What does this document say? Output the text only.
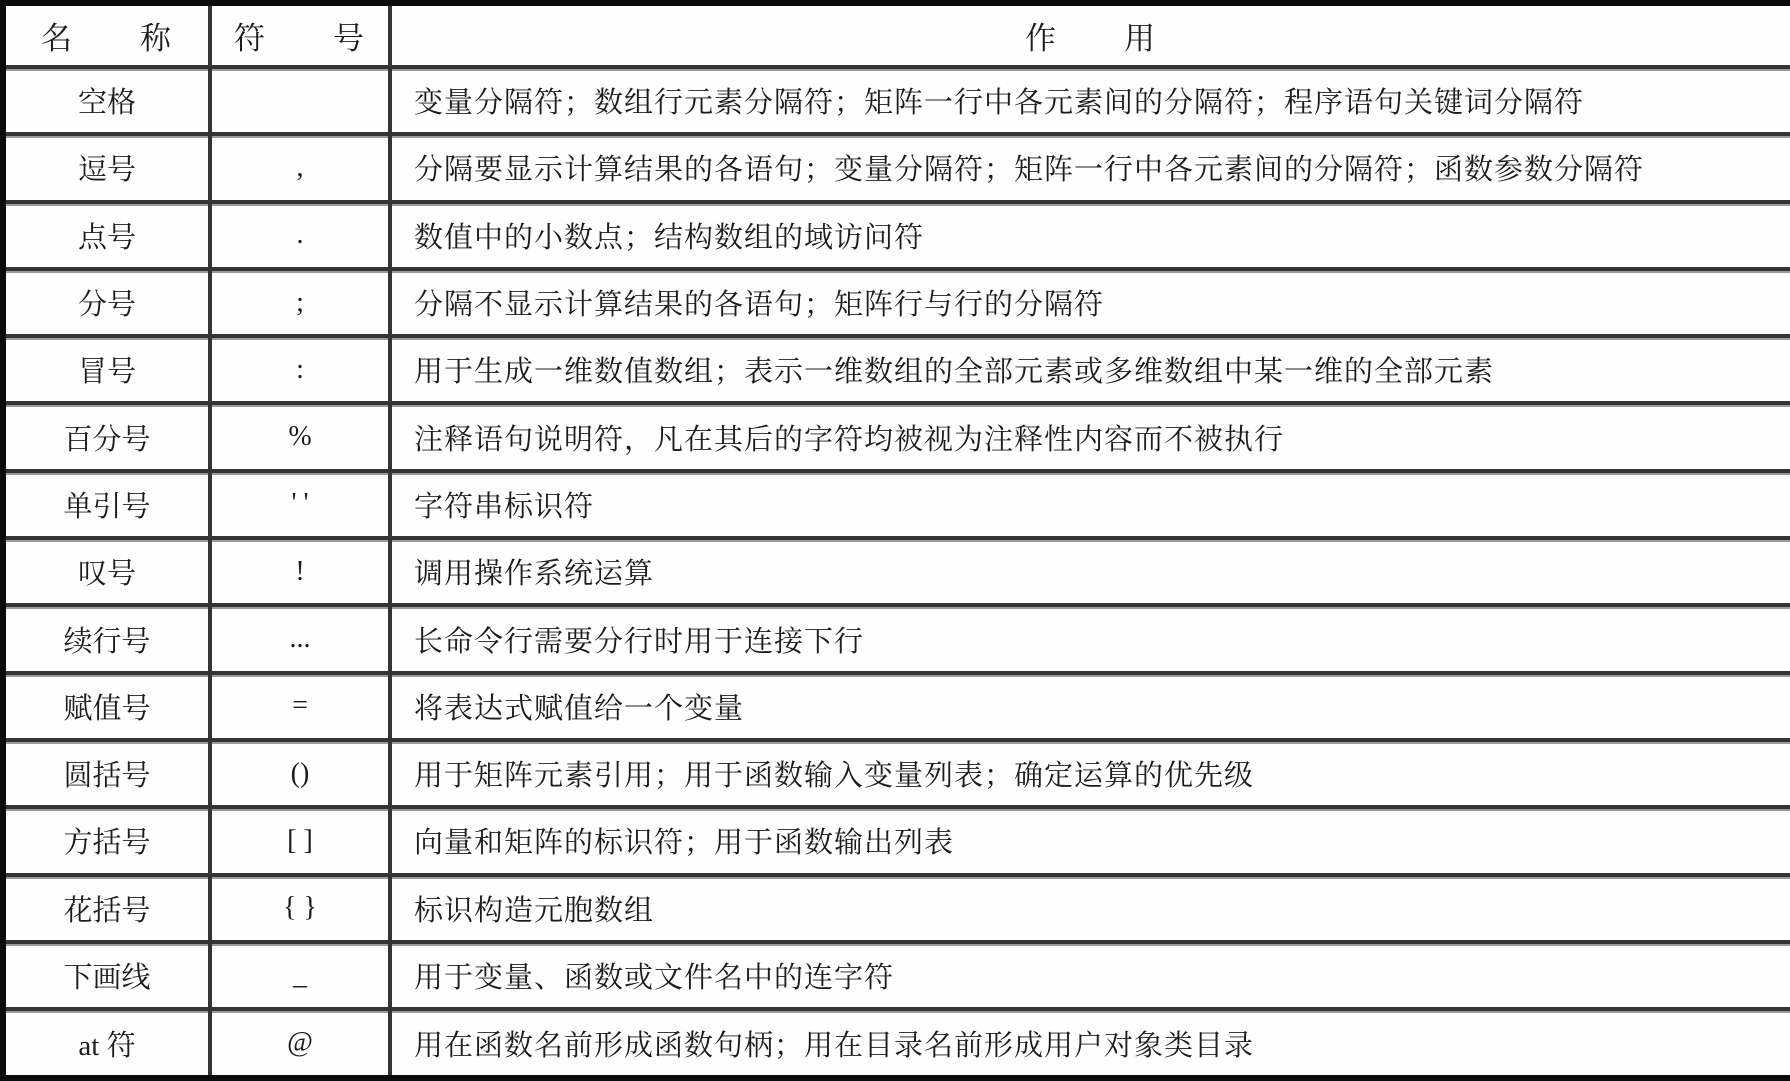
名　　称	符　　号	作　　用
空格		变量分隔符；数组行元素分隔符；矩阵一行中各元素间的分隔符；程序语句关键词分隔符
逗号	,	分隔要显示计算结果的各语句；变量分隔符；矩阵一行中各元素间的分隔符；函数参数分隔符
点号	.	数值中的小数点；结构数组的域访问符
分号	;	分隔不显示计算结果的各语句；矩阵行与行的分隔符
冒号	:	用于生成一维数值数组；表示一维数组的全部元素或多维数组中某一维的全部元素
百分号	%	注释语句说明符，凡在其后的字符均被视为注释性内容而不被执行
单引号	' '	字符串标识符
叹号	!	调用操作系统运算
续行号	...	长命令行需要分行时用于连接下行
赋值号	=	将表达式赋值给一个变量
圆括号	()	用于矩阵元素引用；用于函数输入变量列表；确定运算的优先级
方括号	[ ]	向量和矩阵的标识符；用于函数输出列表
花括号	{ }	标识构造元胞数组
下画线	_	用于变量、函数或文件名中的连字符
at 符	@	用在函数名前形成函数句柄；用在目录名前形成用户对象类目录
